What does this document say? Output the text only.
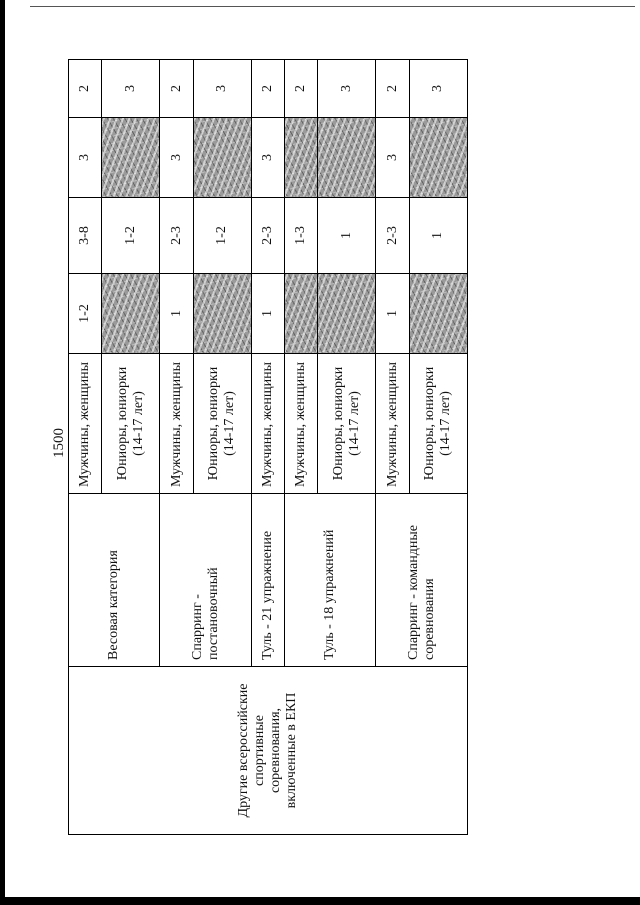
1500
Другие всероссийские спортивные соревнования, включенные в ЕКП	Весовая категория	Мужчины, женщины	1-2	3-8	3	2
		Юниоры, юниорки (14-17 лет)		1-2		3
	Спарринг - постановочный	Мужчины, женщины	1	2-3	3	2
		Юниоры, юниорки (14-17 лет)		1-2		3
	Туль - 21 упражнение	Мужчины, женщины	1	2-3	3	2
	Туль - 18 упражнений	Мужчины, женщины		1-3		2
		Юниоры, юниорки (14-17 лет)		1		3
	Спарринг - командные соревнования	Мужчины, женщины	1	2-3	3	2
		Юниоры, юниорки (14-17 лет)		1		3
